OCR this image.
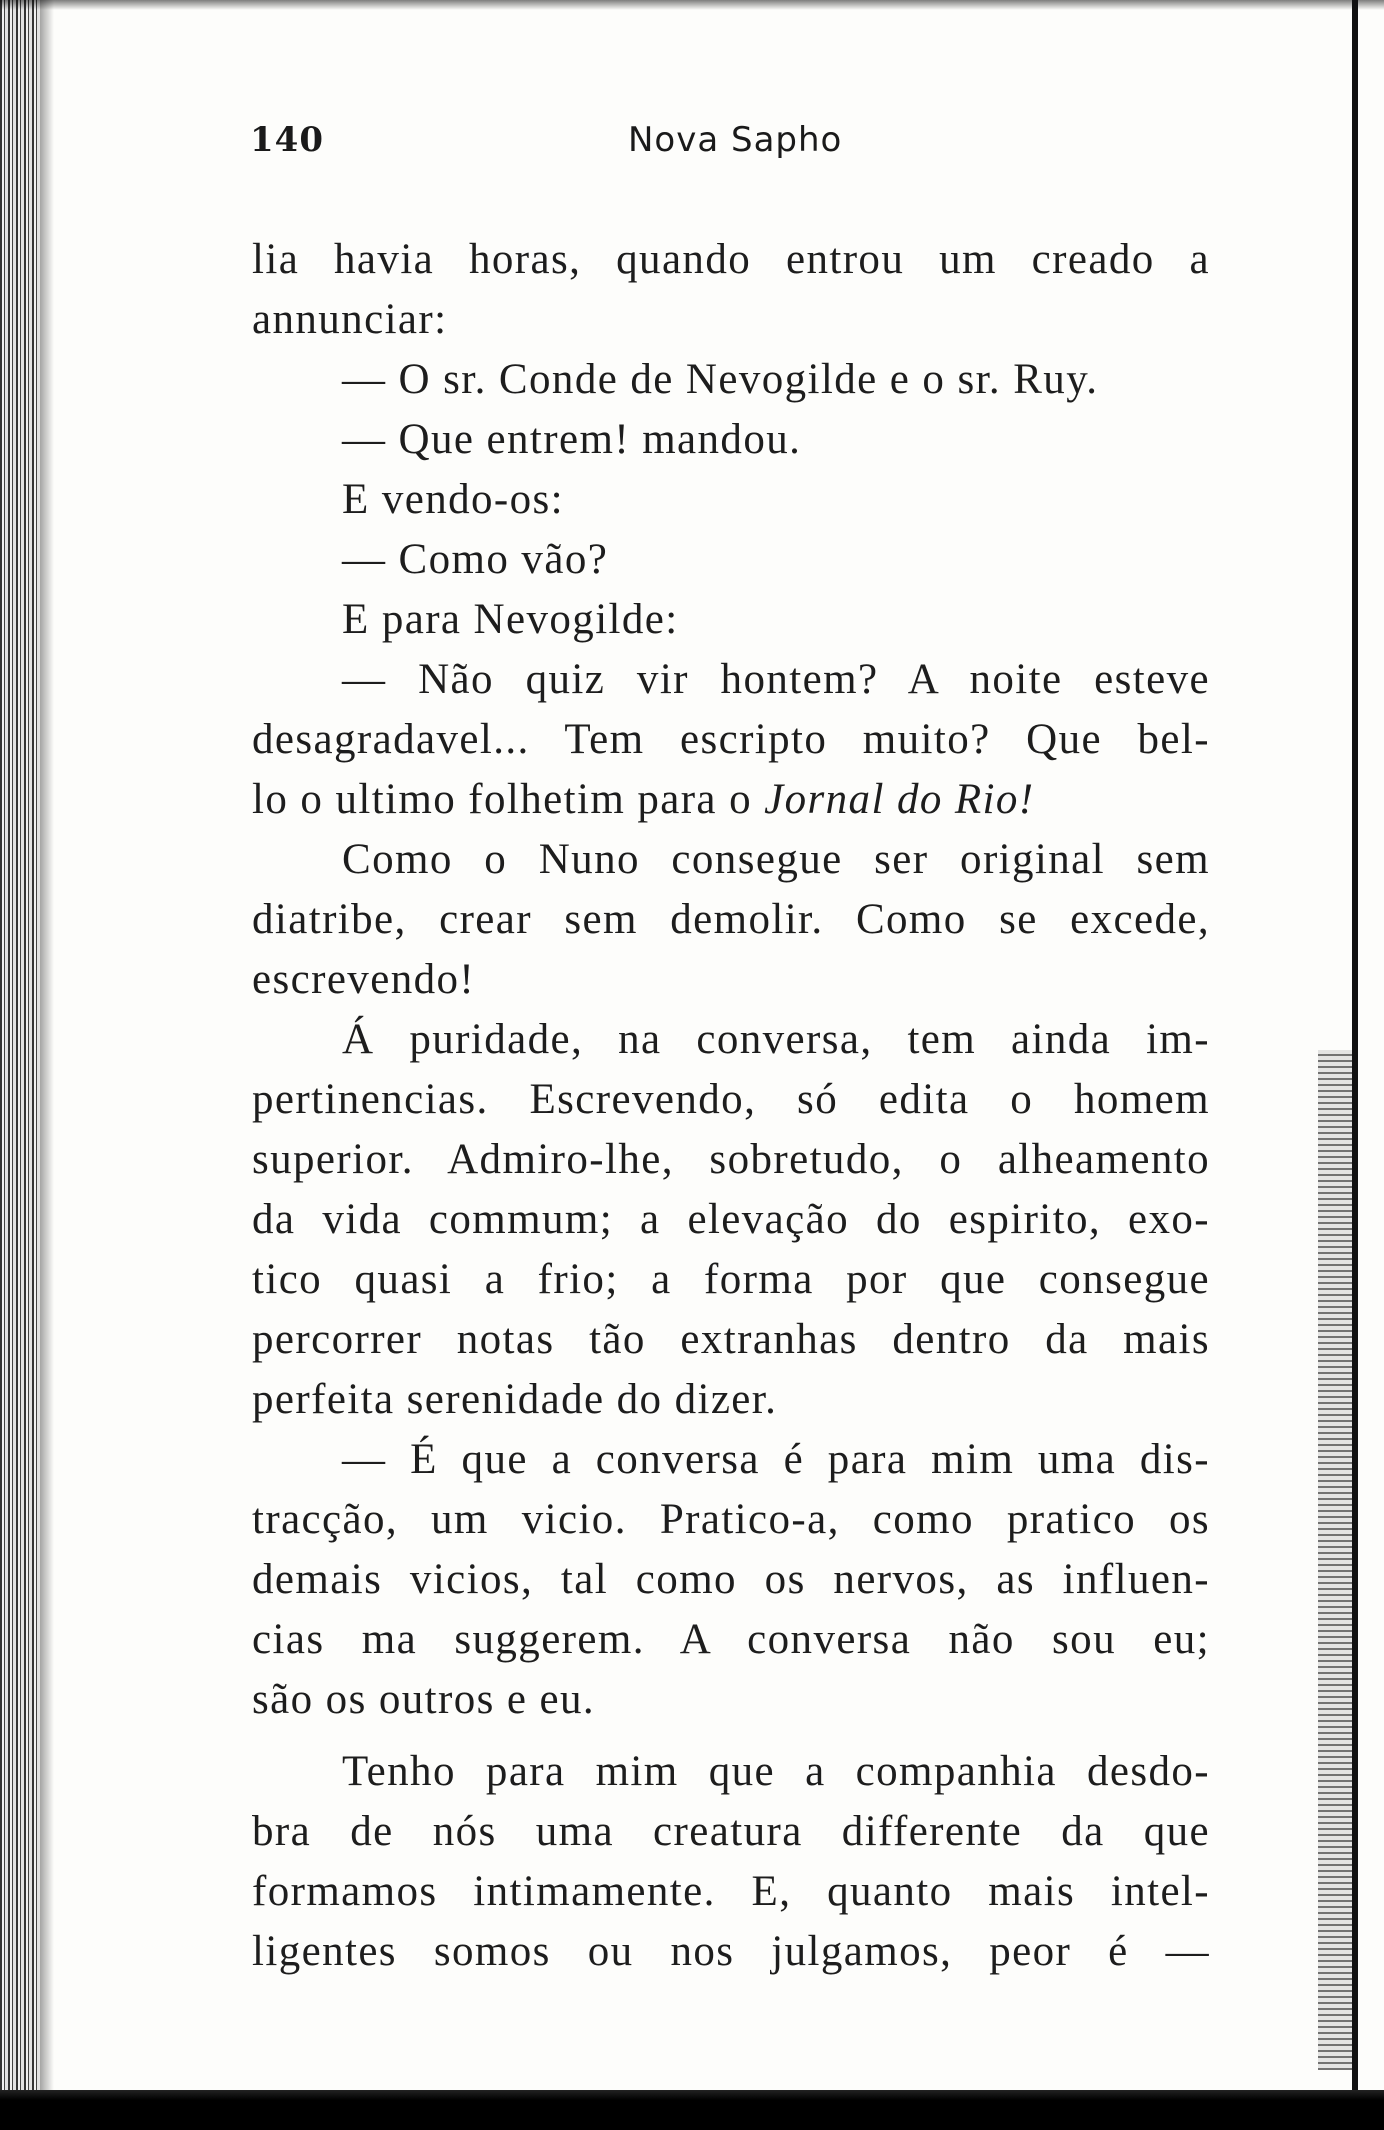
140	Nova Sapho
lia havia horas, quando entrou um creado a
annunciar:
— O sr. Conde de Nevogilde e o sr. Ruy.
— Que entrem! mandou.
E vendo-os:
— Como vão?
E para Nevogilde:
— Não quiz vir hontem? A noite esteve
desagradavel... Tem escripto muito? Que bel-
lo o ultimo folhetim para o Jornal do Rio!
Como o Nuno consegue ser original sem
diatribe, crear sem demolir. Como se excede,
escrevendo!
Á puridade, na conversa, tem ainda im-
pertinencias. Escrevendo, só edita o homem
superior. Admiro-lhe, sobretudo, o alheamento
da vida commum; a elevação do espirito, exo-
tico quasi a frio; a forma por que consegue
percorrer notas tão extranhas dentro da mais
perfeita serenidade do dizer.
— É que a conversa é para mim uma dis-
tracção, um vicio. Pratico-a, como pratico os
demais vicios, tal como os nervos, as influen-
cias ma suggerem. A conversa não sou eu;
são os outros e eu.
Tenho para mim que a companhia desdo-
bra de nós uma creatura differente da que
formamos intimamente. E, quanto mais intel-
ligentes somos ou nos julgamos, peor é —
